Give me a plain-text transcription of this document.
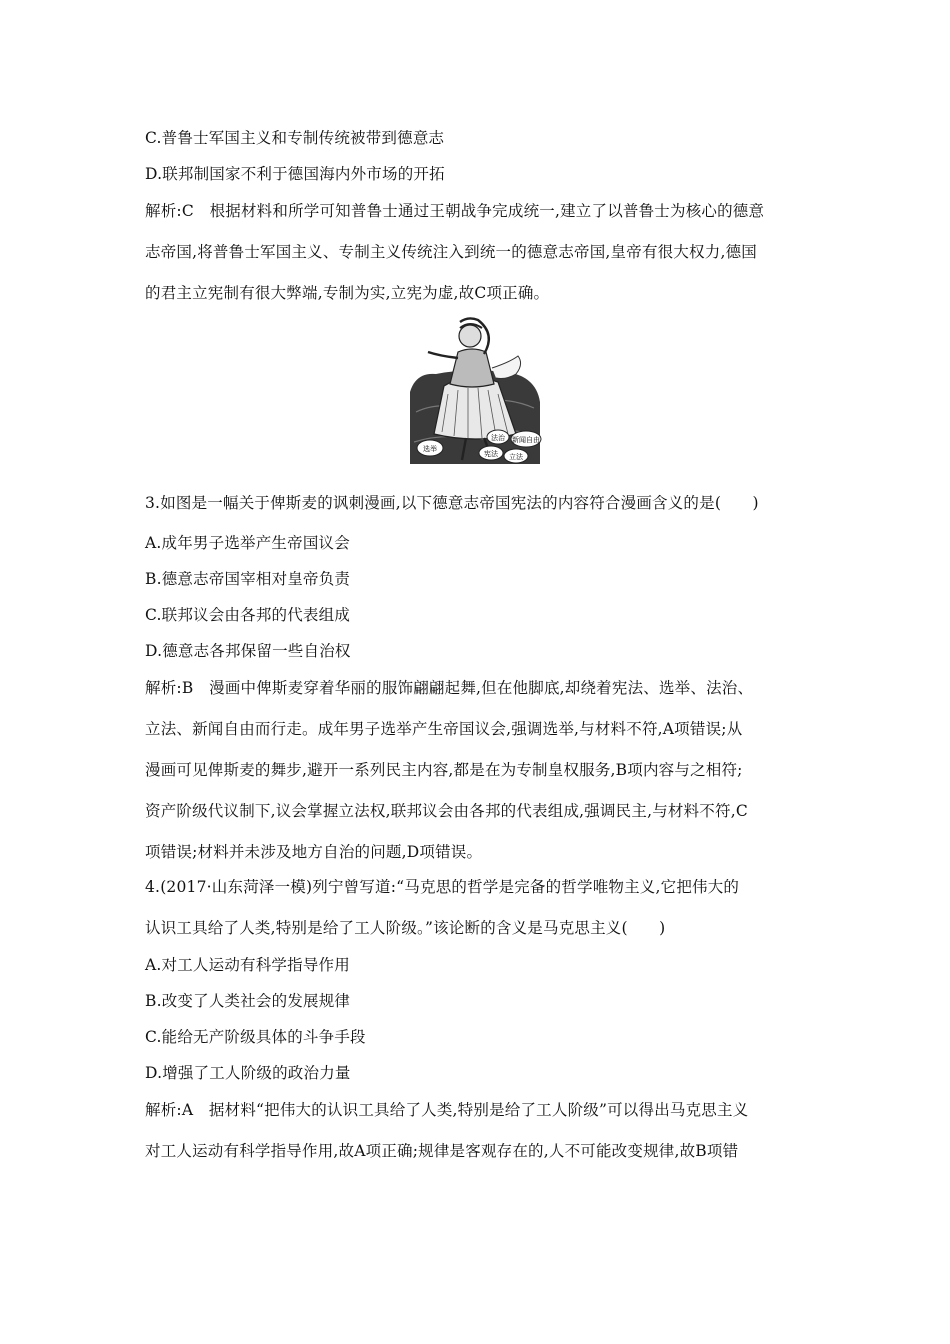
C.普鲁士军国主义和专制传统被带到德意志
D.联邦制国家不利于德国海内外市场的开拓
解析:C　根据材料和所学可知普鲁士通过王朝战争完成统一,建立了以普鲁士为核心的德意
志帝国,将普鲁士军国主义、专制主义传统注入到统一的德意志帝国,皇帝有很大权力,德国
的君主立宪制有很大弊端,专制为实,立宪为虚,故C项正确。
新闻自由
法治
选举
宪法 立法
3.如图是一幅关于俾斯麦的讽刺漫画,以下德意志帝国宪法的内容符合漫画含义的是(　　)
A.成年男子选举产生帝国议会
B.德意志帝国宰相对皇帝负责
C.联邦议会由各邦的代表组成
D.德意志各邦保留一些自治权
解析:B　漫画中俾斯麦穿着华丽的服饰翩翩起舞,但在他脚底,却绕着宪法、选举、法治、
立法、新闻自由而行走。成年男子选举产生帝国议会,强调选举,与材料不符,A项错误;从
漫画可见俾斯麦的舞步,避开一系列民主内容,都是在为专制皇权服务,B项内容与之相符;
资产阶级代议制下,议会掌握立法权,联邦议会由各邦的代表组成,强调民主,与材料不符,C
项错误;材料并未涉及地方自治的问题,D项错误。
4.(2017·山东菏泽一模)列宁曾写道:“马克思的哲学是完备的哲学唯物主义,它把伟大的
认识工具给了人类,特别是给了工人阶级。”该论断的含义是马克思主义(　　)
A.对工人运动有科学指导作用
B.改变了人类社会的发展规律
C.能给无产阶级具体的斗争手段
D.增强了工人阶级的政治力量
解析:A　据材料“把伟大的认识工具给了人类,特别是给了工人阶级”可以得出马克思主义
对工人运动有科学指导作用,故A项正确;规律是客观存在的,人不可能改变规律,故B项错
